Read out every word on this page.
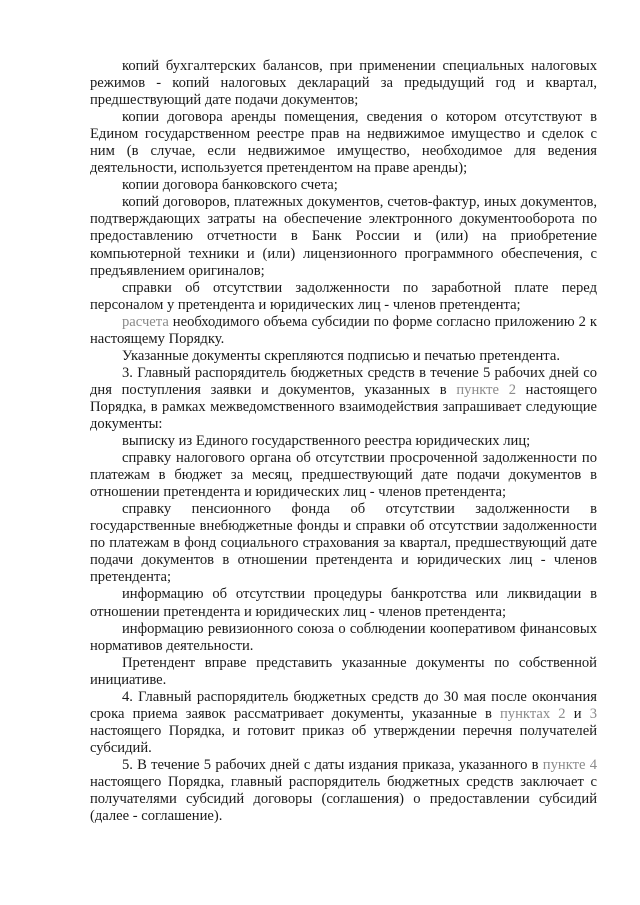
копий бухгалтерских балансов, при применении специальных налоговых режимов - копий налоговых деклараций за предыдущий год и квартал, предшествующий дате подачи документов;

копии договора аренды помещения, сведения о котором отсутствуют в Едином государственном реестре прав на недвижимое имущество и сделок с ним (в случае, если недвижимое имущество, необходимое для ведения деятельности, используется претендентом на праве аренды);

копии договора банковского счета;

копий договоров, платежных документов, счетов-фактур, иных документов, подтверждающих затраты на обеспечение электронного документооборота по предоставлению отчетности в Банк России и (или) на приобретение компьютерной техники и (или) лицензионного программного обеспечения, с предъявлением оригиналов;

справки об отсутствии задолженности по заработной плате перед персоналом у претендента и юридических лиц - членов претендента;

расчета необходимого объема субсидии по форме согласно приложению 2 к настоящему Порядку.

Указанные документы скрепляются подписью и печатью претендента.

3. Главный распорядитель бюджетных средств в течение 5 рабочих дней со дня поступления заявки и документов, указанных в пункте 2 настоящего Порядка, в рамках межведомственного взаимодействия запрашивает следующие документы:

выписку из Единого государственного реестра юридических лиц;

справку налогового органа об отсутствии просроченной задолженности по платежам в бюджет за месяц, предшествующий дате подачи документов в отношении претендента и юридических лиц - членов претендента;

справку пенсионного фонда об отсутствии задолженности в государственные внебюджетные фонды и справки об отсутствии задолженности по платежам в фонд социального страхования за квартал, предшествующий дате подачи документов в отношении претендента и юридических лиц - членов претендента;

информацию об отсутствии процедуры банкротства или ликвидации в отношении претендента и юридических лиц - членов претендента;

информацию ревизионного союза о соблюдении кооперативом финансовых нормативов деятельности.

Претендент вправе представить указанные документы по собственной инициативе.

4. Главный распорядитель бюджетных средств до 30 мая после окончания срока приема заявок рассматривает документы, указанные в пунктах 2 и 3 настоящего Порядка, и готовит приказ об утверждении перечня получателей субсидий.

5. В течение 5 рабочих дней с даты издания приказа, указанного в пункте 4 настоящего Порядка, главный распорядитель бюджетных средств заключает с получателями субсидий договоры (соглашения) о предоставлении субсидий (далее - соглашение).
